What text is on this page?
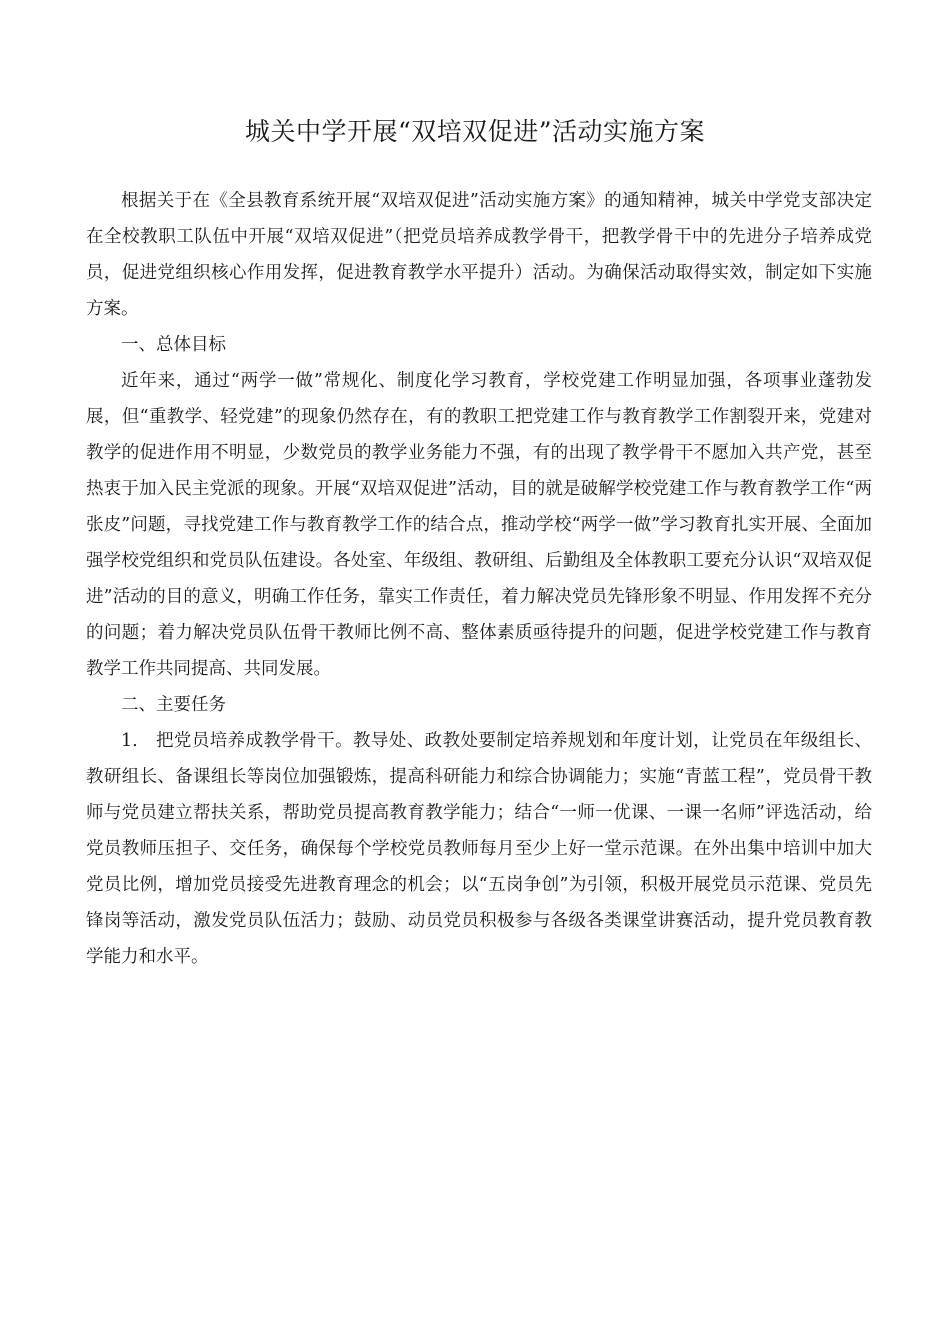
城关中学开展“双培双促进”活动实施方案

根据关于在《全县教育系统开展“双培双促进”活动实施方案》的通知精神，城关中学党支部决定在全校教职工队伍中开展“双培双促进”（把党员培养成教学骨干，把教学骨干中的先进分子培养成党员，促进党组织核心作用发挥，促进教育教学水平提升）活动。为确保活动取得实效，制定如下实施方案。

一、总体目标

近年来，通过“两学一做”常规化、制度化学习教育，学校党建工作明显加强，各项事业蓬勃发展，但“重教学、轻党建”的现象仍然存在，有的教职工把党建工作与教育教学工作割裂开来，党建对教学的促进作用不明显，少数党员的教学业务能力不强，有的出现了教学骨干不愿加入共产党，甚至热衷于加入民主党派的现象。开展“双培双促进”活动，目的就是破解学校党建工作与教育教学工作“两张皮”问题，寻找党建工作与教育教学工作的结合点，推动学校“两学一做”学习教育扎实开展、全面加强学校党组织和党员队伍建设。各处室、年级组、教研组、后勤组及全体教职工要充分认识“双培双促进”活动的目的意义，明确工作任务，靠实工作责任，着力解决党员先锋形象不明显、作用发挥不充分的问题；着力解决党员队伍骨干教师比例不高、整体素质亟待提升的问题，促进学校党建工作与教育教学工作共同提高、共同发展。

二、主要任务

1.　把党员培养成教学骨干。教导处、政教处要制定培养规划和年度计划，让党员在年级组长、教研组长、备课组长等岗位加强锻炼，提高科研能力和综合协调能力；实施“青蓝工程”，党员骨干教师与党员建立帮扶关系，帮助党员提高教育教学能力；结合“一师一优课、一课一名师”评选活动，给党员教师压担子、交任务，确保每个学校党员教师每月至少上好一堂示范课。在外出集中培训中加大党员比例，增加党员接受先进教育理念的机会；以“五岗争创”为引领，积极开展党员示范课、党员先锋岗等活动，激发党员队伍活力；鼓励、动员党员积极参与各级各类课堂讲赛活动，提升党员教育教学能力和水平。
